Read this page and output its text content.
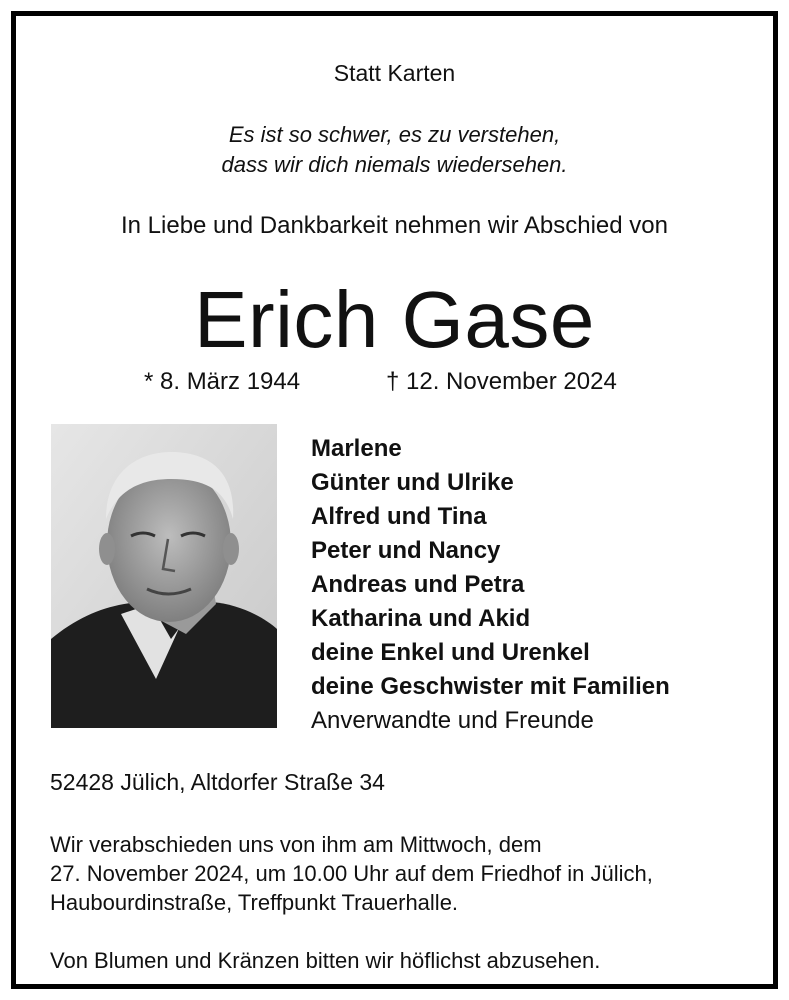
Statt Karten
Es ist so schwer, es zu verstehen,
dass wir dich niemals wiedersehen.
In Liebe und Dankbarkeit nehmen wir Abschied von
Erich Gase
* 8. März 1944	† 12. November 2024
Marlene
Günter und Ulrike
Alfred und Tina
Peter und Nancy
Andreas und Petra
Katharina und Akid
deine Enkel und Urenkel
deine Geschwister mit Familien
Anverwandte und Freunde
52428 Jülich, Altdorfer Straße 34
Wir verabschieden uns von ihm am Mittwoch, dem
27. November 2024, um 10.00 Uhr auf dem Friedhof in Jülich,
Haubourdinstraße, Treffpunkt Trauerhalle.
Von Blumen und Kränzen bitten wir höflichst abzusehen.
